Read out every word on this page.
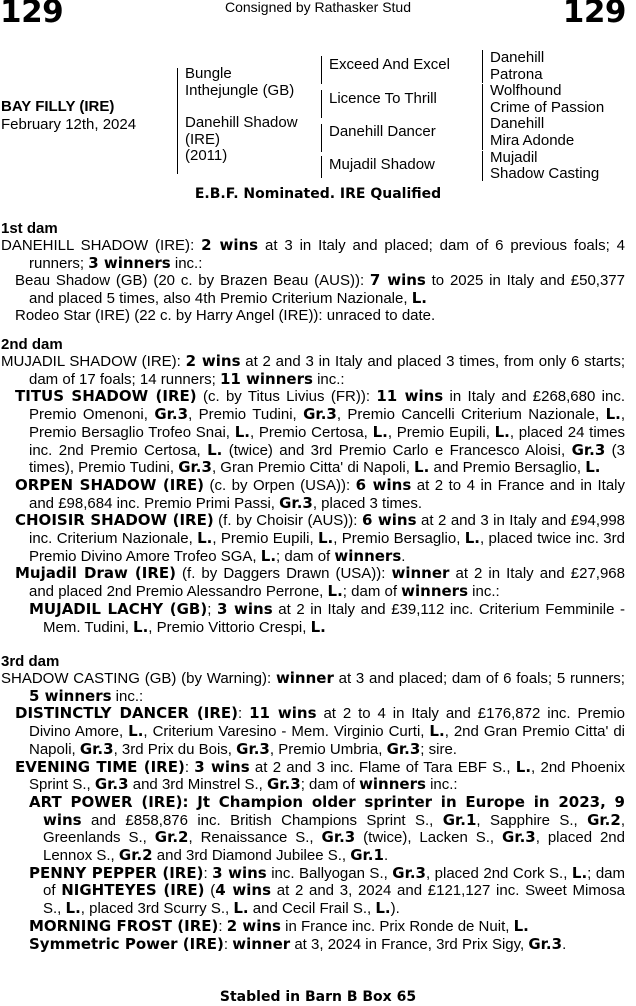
129	Consigned by Rathasker Stud	129
BAY FILLY (IRE)
February 12th, 2024
Bungle
Inthejungle (GB)
Danehill Shadow
(IRE)
(2011)
Exceed And Excel
Licence To Thrill
Danehill Dancer
Mujadil Shadow
Danehill
Patrona
Wolfhound
Crime of Passion
Danehill
Mira Adonde
Mujadil
Shadow Casting
E.B.F. Nominated. IRE Qualified
1st dam

DANEHILL SHADOW (IRE): 2 wins at 3 in Italy and placed; dam of 6 previous foals; 4 runners; 3 winners inc.:

Beau Shadow (GB) (20 c. by Brazen Beau (AUS)): 7 wins to 2025 in Italy and £50,377 and placed 5 times, also 4th Premio Criterium Nazionale, L.

Rodeo Star (IRE) (22 c. by Harry Angel (IRE)): unraced to date.

2nd dam

MUJADIL SHADOW (IRE): 2 wins at 2 and 3 in Italy and placed 3 times, from only 6 starts; dam of 17 foals; 14 runners; 11 winners inc.:

TITUS SHADOW (IRE) (c. by Titus Livius (FR)): 11 wins in Italy and £268,680 inc. Premio Omenoni, Gr.3, Premio Tudini, Gr.3, Premio Cancelli Criterium Nazionale, L., Premio Bersaglio Trofeo Snai, L., Premio Certosa, L., Premio Eupili, L., placed 24 times inc. 2nd Premio Certosa, L. (twice) and 3rd Premio Carlo e Francesco Aloisi, Gr.3 (3 times), Premio Tudini, Gr.3, Gran Premio Citta' di Napoli, L. and Premio Bersaglio, L.

ORPEN SHADOW (IRE) (c. by Orpen (USA)): 6 wins at 2 to 4 in France and in Italy and £98,684 inc. Premio Primi Passi, Gr.3, placed 3 times.

CHOISIR SHADOW (IRE) (f. by Choisir (AUS)): 6 wins at 2 and 3 in Italy and £94,998 inc. Criterium Nazionale, L., Premio Eupili, L., Premio Bersaglio, L., placed twice inc. 3rd Premio Divino Amore Trofeo SGA, L.; dam of winners.

Mujadil Draw (IRE) (f. by Daggers Drawn (USA)): winner at 2 in Italy and £27,968 and placed 2nd Premio Alessandro Perrone, L.; dam of winners inc.:

MUJADIL LACHY (GB); 3 wins at 2 in Italy and £39,112 inc. Criterium Femminile - Mem. Tudini, L., Premio Vittorio Crespi, L.

3rd dam

SHADOW CASTING (GB) (by Warning): winner at 3 and placed; dam of 6 foals; 5 runners; 5 winners inc.:

DISTINCTLY DANCER (IRE): 11 wins at 2 to 4 in Italy and £176,872 inc. Premio Divino Amore, L., Criterium Varesino - Mem. Virginio Curti, L., 2nd Gran Premio Citta' di Napoli, Gr.3, 3rd Prix du Bois, Gr.3, Premio Umbria, Gr.3; sire.

EVENING TIME (IRE): 3 wins at 2 and 3 inc. Flame of Tara EBF S., L., 2nd Phoenix Sprint S., Gr.3 and 3rd Minstrel S., Gr.3; dam of winners inc.:

ART POWER (IRE): Jt Champion older sprinter in Europe in 2023, 9 wins and £858,876 inc. British Champions Sprint S., Gr.1, Sapphire S., Gr.2, Greenlands S., Gr.2, Renaissance S., Gr.3 (twice), Lacken S., Gr.3, placed 2nd Lennox S., Gr.2 and 3rd Diamond Jubilee S., Gr.1.

PENNY PEPPER (IRE): 3 wins inc. Ballyogan S., Gr.3, placed 2nd Cork S., L.; dam of NIGHTEYES (IRE) (4 wins at 2 and 3, 2024 and £121,127 inc. Sweet Mimosa S., L., placed 3rd Scurry S., L. and Cecil Frail S., L.).

MORNING FROST (IRE): 2 wins in France inc. Prix Ronde de Nuit, L.

Symmetric Power (IRE): winner at 3, 2024 in France, 3rd Prix Sigy, Gr.3.

Stabled in Barn B Box 65
